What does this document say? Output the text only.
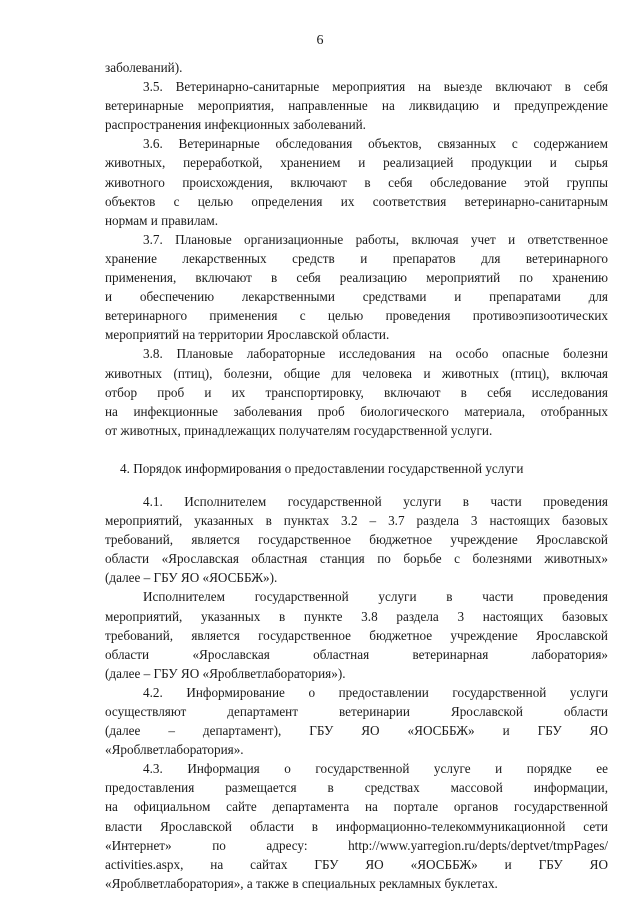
6
заболеваний).
3.5. Ветеринарно-санитарные мероприятия на выезде включают в себя
ветеринарные мероприятия, направленные на ликвидацию и предупреждение
распространения инфекционных заболеваний.
3.6. Ветеринарные обследования объектов, связанных с содержанием
животных, переработкой, хранением и реализацией продукции и сырья
животного происхождения, включают в себя обследование этой группы
объектов с целью определения их соответствия ветеринарно-санитарным
нормам и правилам.
3.7. Плановые организационные работы, включая учет и ответственное
хранение лекарственных средств и препаратов для ветеринарного
применения, включают в себя реализацию мероприятий по хранению
и обеспечению лекарственными средствами и препаратами для
ветеринарного применения с целью проведения противоэпизоотических
мероприятий на территории Ярославской области.
3.8. Плановые лабораторные исследования на особо опасные болезни
животных (птиц), болезни, общие для человека и животных (птиц), включая
отбор проб и их транспортировку, включают в себя исследования
на инфекционные заболевания проб биологического материала, отобранных
от животных, принадлежащих получателям государственной услуги.
4. Порядок информирования о предоставлении государственной услуги
4.1. Исполнителем государственной услуги в части проведения
мероприятий, указанных в пунктах 3.2 – 3.7 раздела 3 настоящих базовых
требований, является государственное бюджетное учреждение Ярославской
области «Ярославская областная станция по борьбе с болезнями животных»
(далее – ГБУ ЯО «ЯОСББЖ»).
Исполнителем государственной услуги в части проведения
мероприятий, указанных в пункте 3.8 раздела 3 настоящих базовых
требований, является государственное бюджетное учреждение Ярославской
области «Ярославская областная ветеринарная лаборатория»
(далее – ГБУ ЯО «Яроблветлаборатория»).
4.2. Информирование о предоставлении государственной услуги
осуществляют департамент ветеринарии Ярославской области
(далее – департамент), ГБУ ЯО «ЯОСББЖ» и ГБУ ЯО
«Яроблветлаборатория».
4.3. Информация о государственной услуге и порядке ее
предоставления размещается в средствах массовой информации,
на официальном сайте департамента на портале органов государственной
власти Ярославской области в информационно-телекоммуникационной сети
«Интернет» по адресу: http://www.yarregion.ru/depts/deptvet/tmpPages/
activities.aspx, на сайтах ГБУ ЯО «ЯОСББЖ» и ГБУ ЯО
«Яроблветлаборатория», а также в специальных рекламных буклетах.
